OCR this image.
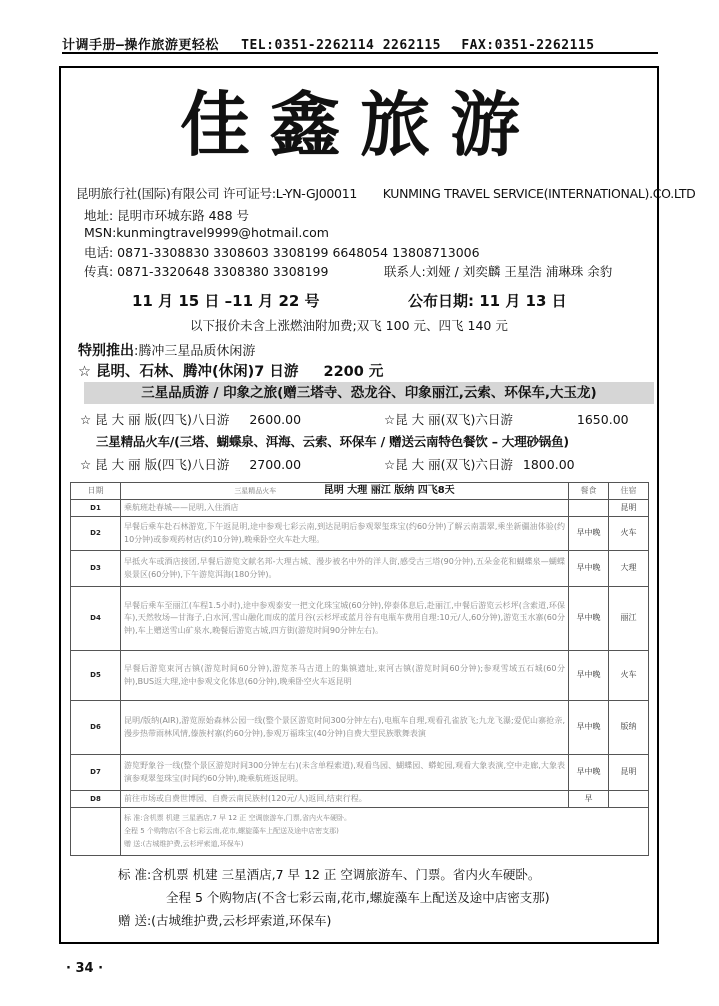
计调手册—操作旅游更轻松 TEL:0351-2262114 2262115 FAX:0351-2262115
佳鑫旅游
昆明旅行社(国际)有限公司 许可证号:L-YN-GJ00011 KUNMING TRAVEL SERVICE(INTERNATIONAL).CO.LTD
地址: 昆明市环城东路 488 号
MSN:kunmingtravel9999@hotmail.com
电话: 0871-3308830 3308603 3308199 6648054 13808713006
传真: 0871-3320648 3308380 3308199	联系人:刘娅 / 刘奕麟 王星浩 浦琳珠 余豹
11 月 15 日 –11 月 22 号	公布日期: 11 月 13 日
以下报价未含上涨燃油附加费;双飞 100 元、四飞 140 元
特别推出:腾冲三星品质休闲游
☆ 昆明、石林、腾冲(休闲)7 日游 2200 元
三星品质游 / 印象之旅(赠三塔寺、恐龙谷、印象丽江,云索、环保车,大玉龙)
☆ 昆 大 丽 版(四飞)八日游 2600.00	☆昆 大 丽(双飞)六日游	1650.00
三星精品火车/(三塔、蝴蝶泉、洱海、云索、环保车 / 赠送云南特色餐饮 – 大理砂锅鱼)
☆ 昆 大 丽 版(四飞)八日游 2700.00	☆昆 大 丽(双飞)六日游 1800.00
日期	三星精品火车 昆明 大理 丽江 版纳 四飞8天	餐食	住宿
D1	乘航班赴春城——昆明,入住酒店		昆明
D2	早餐后乘车赴石林游览,下午返昆明,途中参观七彩云南,到达昆明后参观翠玺珠宝(约60分钟)了解云南翡翠,乘坐新疆油体验(约10分钟)或参观药材店(约10分钟),晚乘卧空火车赴大理。	早中晚	火车
D3	早抵火车或酒店接团,早餐后游览文献名邦-大理古城、漫步被名中外的洋人街,感受古三塔(90分钟),五朵金花和蝴蝶泉—蝴蝶泉景区(60分钟),下午游览洱海(180分钟)。	早中晚	大理
D4	早餐后乘车至丽江(车程1.5小时),途中参观泰安一把文化珠宝城(60分钟),停泰体息后,赴丽江,中餐后游览云杉坪(含索道,环保车),天然牧场—甘海子,白水河,雪山融化而成的蓝月谷(云杉坪或蓝月谷有电瓶车费用自理:10元/人,60分钟),游览玉水寨(60分钟),车上赠送雪山矿泉水,晚餐后游览古城,四方街(游览时间90分钟左右)。	早中晚	丽江
D5	早餐后游览束河古镇(游览时间60分钟),游览茶马古道上的集镇遗址,束河古镇(游览时间60分钟);参观雪域五石城(60分钟),BUS返大理,途中参观文化体息(60分钟),晚乘卧空火车返昆明	早中晚	火车
D6	昆明/版纳(AIR),游览原始森林公园一线(整个景区游览时间300分钟左右),电瓶车自理,观看孔雀放飞;九龙飞瀑;爱伲山寨抢亲,漫步热带雨林风情,傣族村寨(约60分钟),参观万福珠宝(40分钟)自费大型民族歌舞表演	早中晚	版纳
D7	游览野象谷一线(整个景区游览时间300分钟左右)(未含单程索道),观看鸟园、蝴蝶园、蟒蛇园,观看大象表演,空中走廊,大象表演参观翠玺珠宝(时间约60分钟),晚乘航班返昆明。	早中晚	昆明
D8	前往市场或自费世博园、自费云南民族村(120元/人)返回,结束行程。	早	

	标 准:含机票 机建 三星酒店,7 早 12 正 空调旅游车,门票,省内火车硬卧。
全程 5 个购物店(不含七彩云南,花市,螺旋藻车上配送及途中店密支那)
赠 送:(古城维护费,云杉坪索道,环保车)		
标 准:含机票 机建 三星酒店,7 早 12 正 空调旅游车、门票。省内火车硬卧。
全程 5 个购物店(不含七彩云南,花市,螺旋藻车上配送及途中店密支那)
赠 送:(古城维护费,云杉坪索道,环保车)
· 34 ·
